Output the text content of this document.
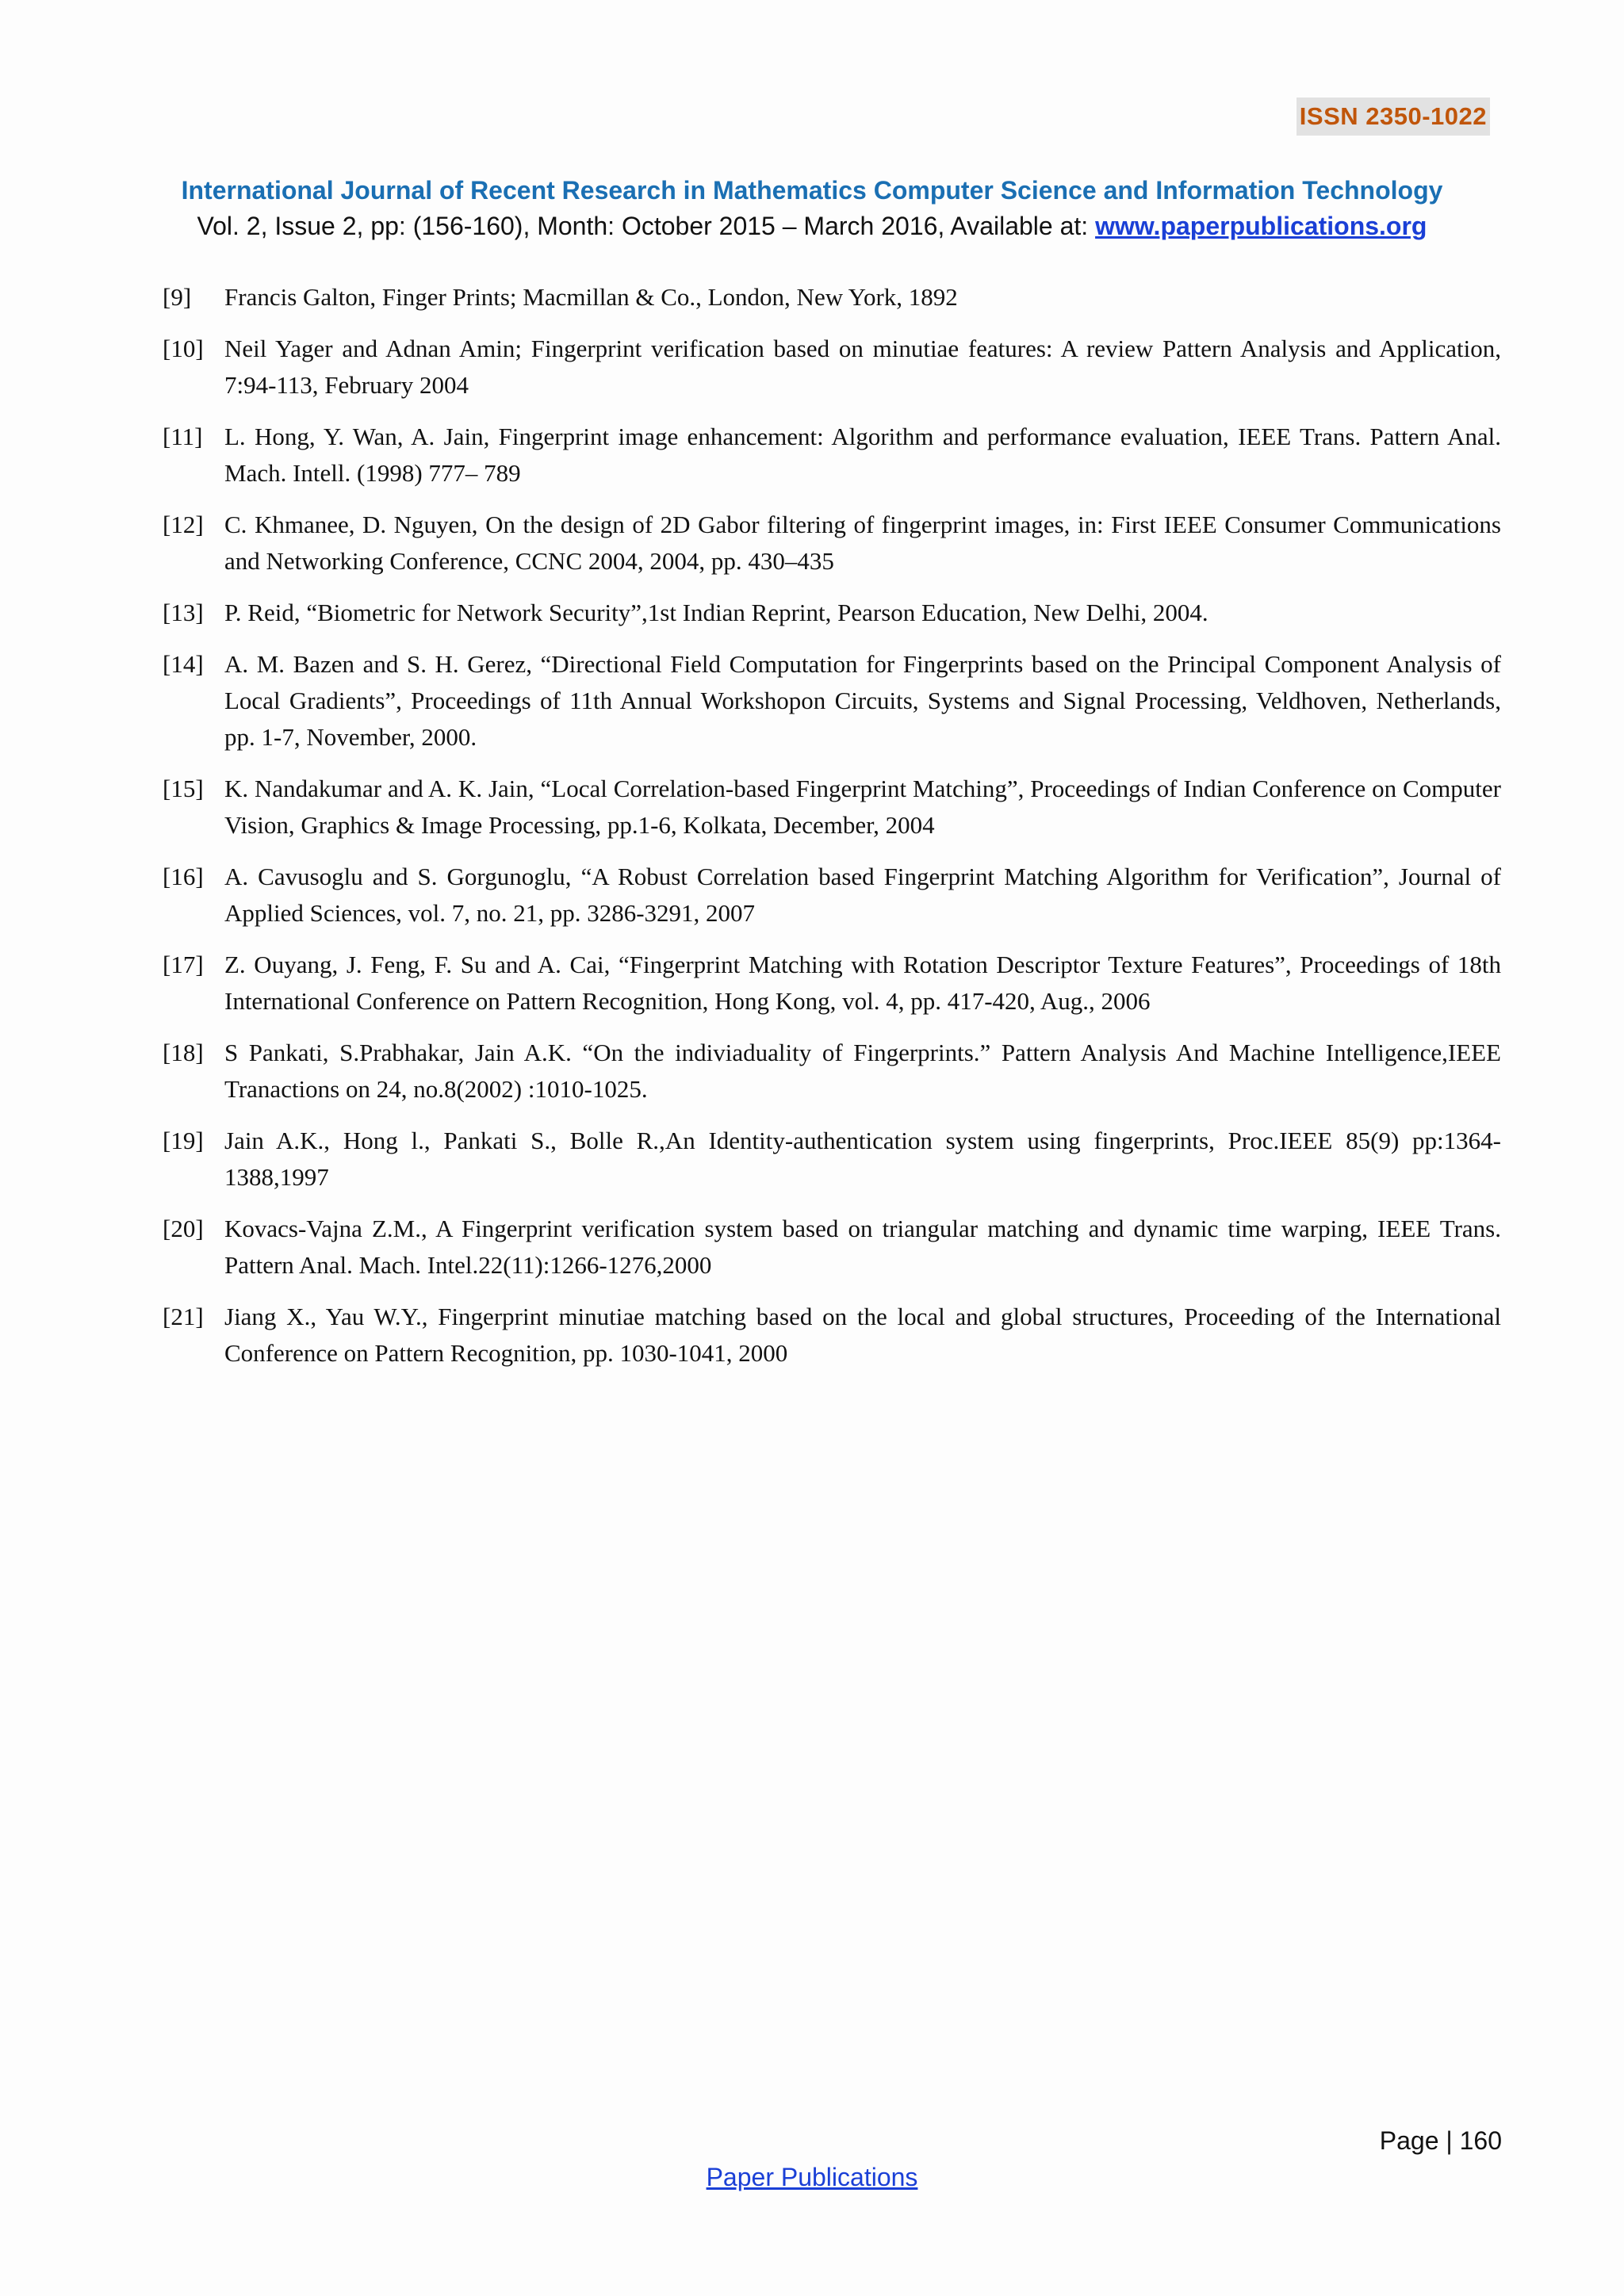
ISSN 2350-1022
International Journal of Recent Research in Mathematics Computer Science and Information Technology
Vol. 2, Issue 2, pp: (156-160), Month: October 2015 – March 2016, Available at: www.paperpublications.org
[9] Francis Galton, Finger Prints; Macmillan & Co., London, New York, 1892
[10] Neil Yager and Adnan Amin; Fingerprint verification based on minutiae features: A review Pattern Analysis and Application, 7:94-113, February 2004
[11] L. Hong, Y. Wan, A. Jain, Fingerprint image enhancement: Algorithm and performance evaluation, IEEE Trans. Pattern Anal. Mach. Intell. (1998) 777– 789
[12] C. Khmanee, D. Nguyen, On the design of 2D Gabor filtering of fingerprint images, in: First IEEE Consumer Communications and Networking Conference, CCNC 2004, 2004, pp. 430–435
[13] P. Reid, “Biometric for Network Security”,1st Indian Reprint, Pearson Education, New Delhi, 2004.
[14] A. M. Bazen and S. H. Gerez, “Directional Field Computation for Fingerprints based on the Principal Component Analysis of Local Gradients”, Proceedings of 11th Annual Workshopon Circuits, Systems and Signal Processing, Veldhoven, Netherlands, pp. 1-7, November, 2000.
[15] K. Nandakumar and A. K. Jain, “Local Correlation-based Fingerprint Matching”, Proceedings of Indian Conference on Computer Vision, Graphics & Image Processing, pp.1-6, Kolkata, December, 2004
[16] A. Cavusoglu and S. Gorgunoglu, “A Robust Correlation based Fingerprint Matching Algorithm for Verification”, Journal of Applied Sciences, vol. 7, no. 21, pp. 3286-3291, 2007
[17] Z. Ouyang, J. Feng, F. Su and A. Cai, “Fingerprint Matching with Rotation Descriptor Texture Features”, Proceedings of 18th International Conference on Pattern Recognition, Hong Kong, vol. 4, pp. 417-420, Aug., 2006
[18] S Pankati, S.Prabhakar, Jain A.K. “On the indiviaduality of Fingerprints.” Pattern Analysis And Machine Intelligence,IEEE Tranactions on 24, no.8(2002) :1010-1025.
[19] Jain A.K., Hong l., Pankati S., Bolle R.,An Identity-authentication system using fingerprints, Proc.IEEE 85(9) pp:1364-1388,1997
[20] Kovacs-Vajna Z.M., A Fingerprint verification system based on triangular matching and dynamic time warping, IEEE Trans. Pattern Anal. Mach. Intel.22(11):1266-1276,2000
[21] Jiang X., Yau W.Y., Fingerprint minutiae matching based on the local and global structures, Proceeding of the International Conference on Pattern Recognition, pp. 1030-1041, 2000
Page | 160
Paper Publications
